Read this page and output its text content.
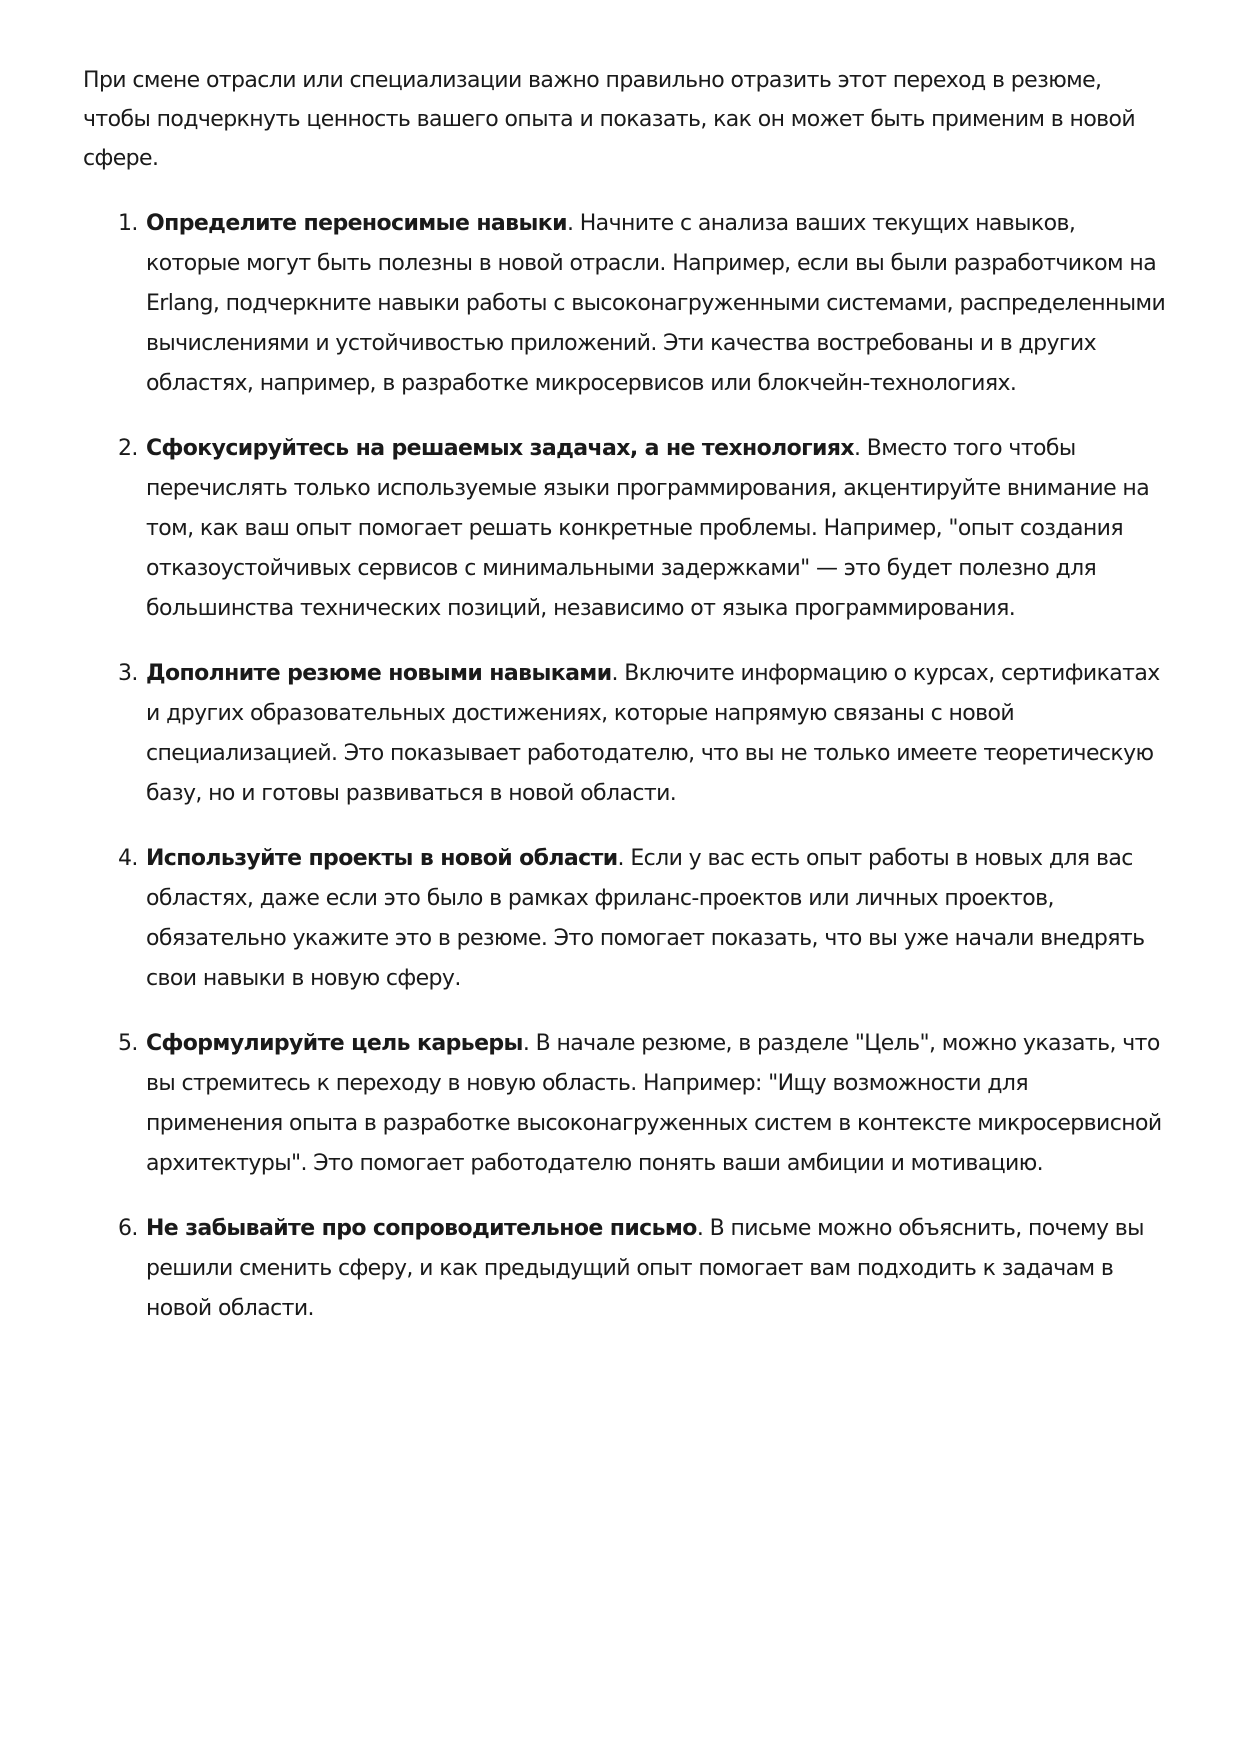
При смене отрасли или специализации важно правильно отразить этот переход в резюме, чтобы подчеркнуть ценность вашего опыта и показать, как он может быть применим в новой сфере.

1. Определите переносимые навыки. Начните с анализа ваших текущих навыков, которые могут быть полезны в новой отрасли. Например, если вы были разработчиком на Erlang, подчеркните навыки работы с высоконагруженными системами, распределенными вычислениями и устойчивостью приложений. Эти качества востребованы и в других областях, например, в разработке микросервисов или блокчейн-технологиях.
2. Сфокусируйтесь на решаемых задачах, а не технологиях. Вместо того чтобы перечислять только используемые языки программирования, акцентируйте внимание на том, как ваш опыт помогает решать конкретные проблемы. Например, "опыт создания отказоустойчивых сервисов с минимальными задержками" — это будет полезно для большинства технических позиций, независимо от языка программирования.
3. Дополните резюме новыми навыками. Включите информацию о курсах, сертификатах и других образовательных достижениях, которые напрямую связаны с новой специализацией. Это показывает работодателю, что вы не только имеете теоретическую базу, но и готовы развиваться в новой области.
4. Используйте проекты в новой области. Если у вас есть опыт работы в новых для вас областях, даже если это было в рамках фриланс-проектов или личных проектов, обязательно укажите это в резюме. Это помогает показать, что вы уже начали внедрять свои навыки в новую сферу.
5. Сформулируйте цель карьеры. В начале резюме, в разделе "Цель", можно указать, что вы стремитесь к переходу в новую область. Например: "Ищу возможности для применения опыта в разработке высоконагруженных систем в контексте микросервисной архитектуры". Это помогает работодателю понять ваши амбиции и мотивацию.
6. Не забывайте про сопроводительное письмо. В письме можно объяснить, почему вы решили сменить сферу, и как предыдущий опыт помогает вам подходить к задачам в новой области.
